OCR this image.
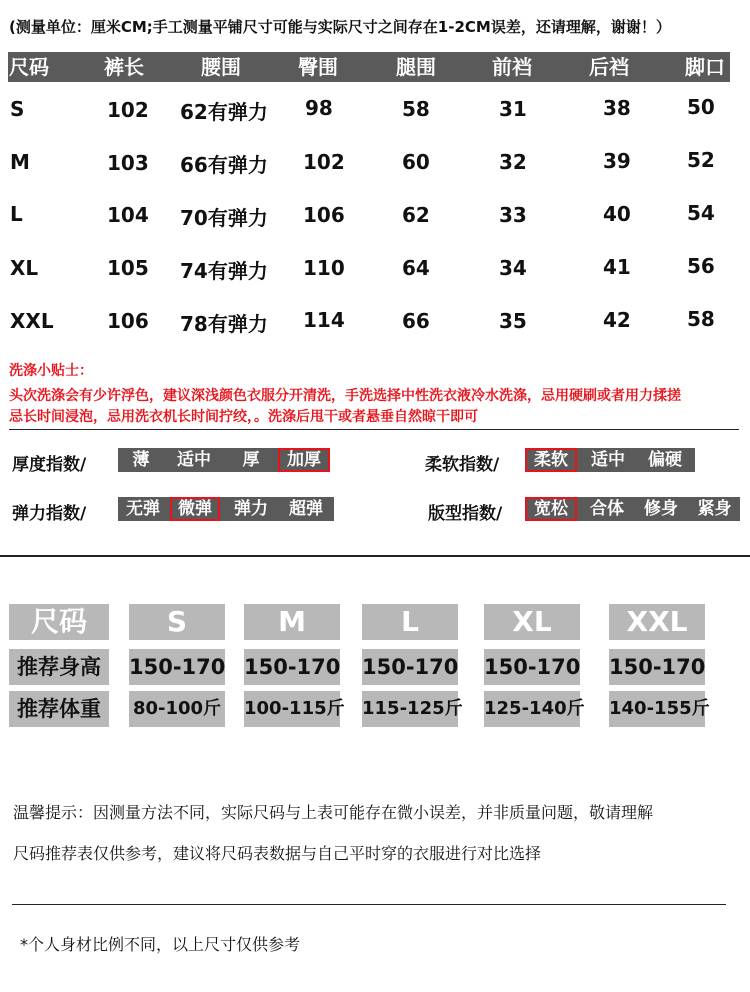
(测量单位：厘米CM;手工测量平铺尺寸可能与实际尺寸之间存在1-2CM误差，还请理解，谢谢！）
尺码	裤长	腰围	臀围	腿围	前裆	后裆	脚口
S	102 62有弹力 98	58	31	38	50
M	103 66有弹力 102	60	32	39	52
L	104 70有弹力 106	62	33	40	54
XL	105 74有弹力 110	64	34	41	56
XXL	106 78有弹力 114	66	35	42	58
洗涤小贴士：
头次洗涤会有少许浮色，建议深浅颜色衣服分开清洗，手洗选择中性洗衣液冷水洗涤，忌用硬刷或者用力揉搓
忌长时间浸泡，忌用洗衣机长时间拧绞，。洗涤后甩干或者悬垂自然晾干即可
厚度指数/	薄	适中	厚	加厚	柔软指数/	柔软	适中	偏硬
弹力指数/	无弹	微弹	弹力	超弹	版型指数/	宽松	合体	修身	紧身
尺码	S	M	L	XL	XXL
推荐身高	150-170 150-170 150-170 150-170 150-170
推荐体重	80-100斤 100-115斤 115-125斤 125-140斤 140-155斤
温馨提示：因测量方法不同，实际尺码与上表可能存在微小误差，并非质量问题，敬请理解
尺码推荐表仅供参考，建议将尺码表数据与自己平时穿的衣服进行对比选择
*个人身材比例不同，以上尺寸仅供参考
